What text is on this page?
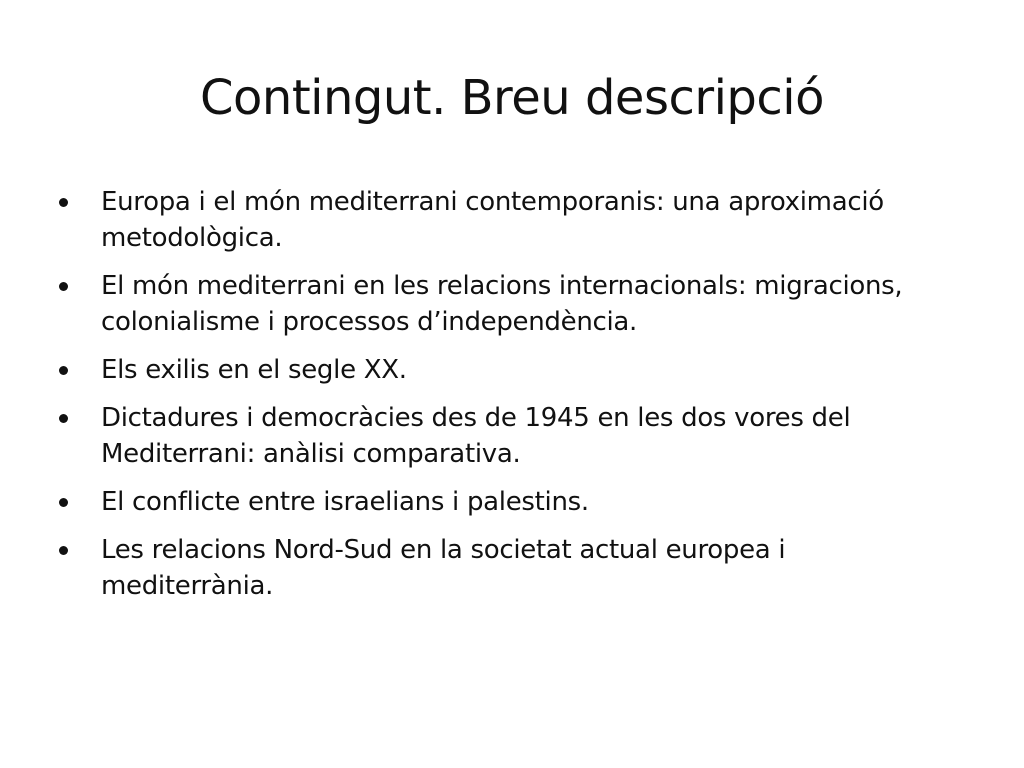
Contingut. Breu descripció
Europa i el món mediterrani contemporanis: una aproximació metodològica.
El món mediterrani en les relacions internacionals: migracions, colonialisme i processos d’independència.
Els exilis en el segle XX.
Dictadures i democràcies des de 1945 en les dos vores del Mediterrani: anàlisi comparativa.
El conflicte entre israelians i palestins.
Les relacions Nord-Sud en la societat actual europea i mediterrània.
